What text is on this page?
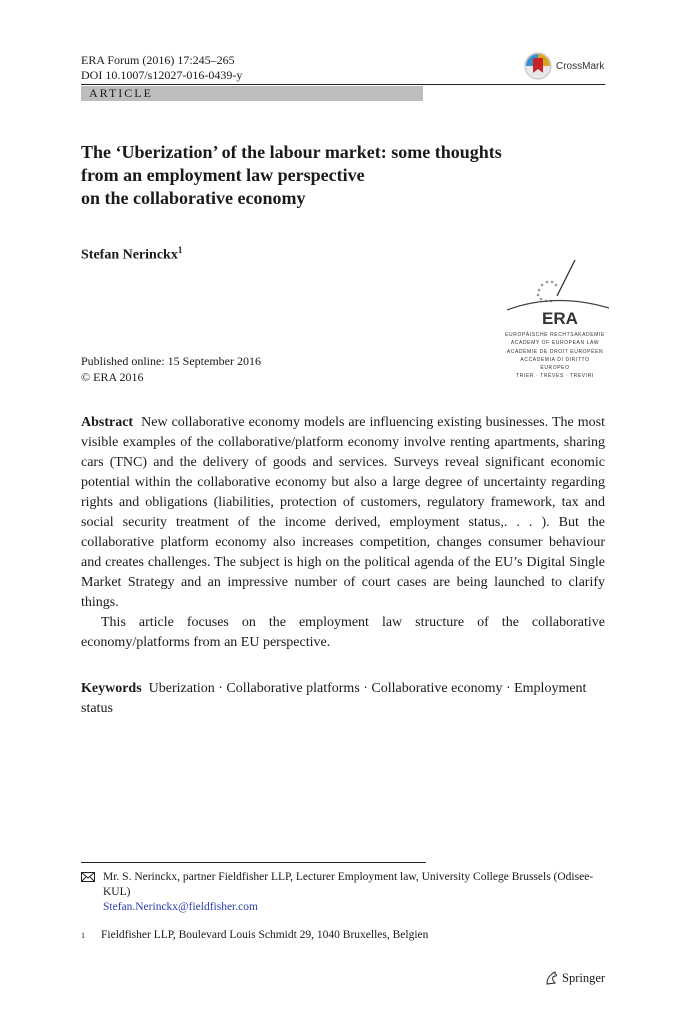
ERA Forum (2016) 17:245–265
DOI 10.1007/s12027-016-0439-y
CrossMark
ARTICLE
The ‘Uberization’ of the labour market: some thoughts
from an employment law perspective
on the collaborative economy
Stefan Nerinckx$^1$
ERA
EUROPÄISCHE RECHTSAKADEMIE
ACADEMY OF EUROPEAN LAW
ACADÉMIE DE DROIT EUROPÉEN
ACCADEMIA DI DIRITTO EUROPEO
TRIER · TRÈVES · TREVIRI
Published online: 15 September 2016
© ERA 2016

Abstract New collaborative economy models are influencing existing businesses. The most visible examples of the collaborative/platform economy involve renting apartments, sharing cars (TNC) and the delivery of goods and services. Surveys reveal significant economic potential within the collaborative economy but also a large degree of uncertainty regarding rights and obligations (liabilities, protection of customers, regulatory framework, tax and social security treatment of the income derived, employment status,. . . ). But the collaborative platform economy also increases competition, changes consumer behaviour and creates challenges. The subject is high on the political agenda of the EU’s Digital Single Market Strategy and an impressive number of court cases are being launched to clarify things.

This article focuses on the employment law structure of the collaborative economy/platforms from an EU perspective.

Keywords Uberization · Collaborative platforms · Collaborative economy · Employment status
Mr. S. Nerinckx, partner Fieldfisher LLP, Lecturer Employment law, University College Brussels (Odisee-KUL)
Stefan.Nerinckx@fieldfisher.com
$^1$ Fieldfisher LLP, Boulevard Louis Schmidt 29, 1040 Bruxelles, Belgien
Springer
